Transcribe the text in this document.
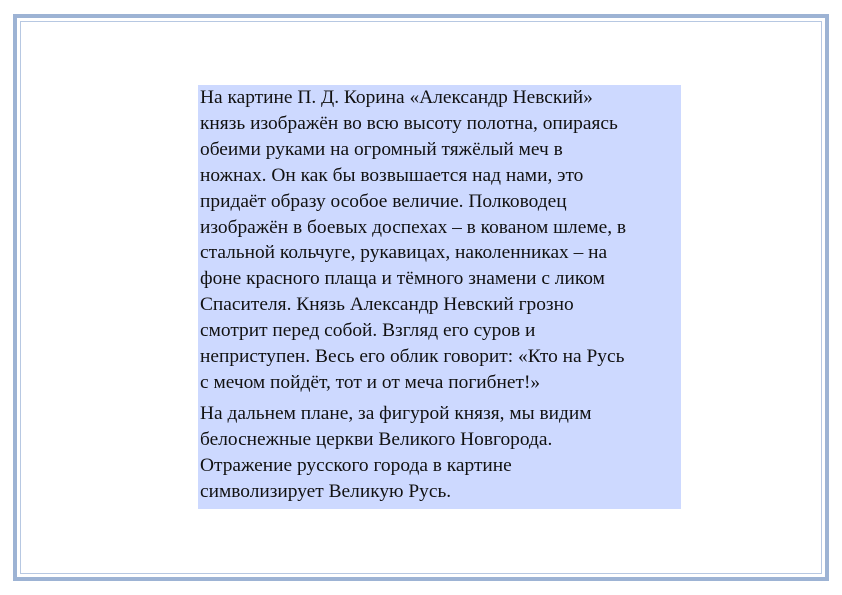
На картине П. Д. Корина «Александр Невский»
князь изображён во всю высоту полотна, опираясь
обеими руками на огромный тяжёлый меч в
ножнах. Он как бы возвышается над нами, это
придаёт образу особое величие. Полководец
изображён в боевых доспехах – в кованом шлеме, в
стальной кольчуге, рукавицах, наколенниках – на
фоне красного плаща и тёмного знамени с ликом
Спасителя. Князь Александр Невский грозно
смотрит перед собой. Взгляд его суров и
неприступен. Весь его облик говорит: «Кто на Русь
с мечом пойдёт, тот и от меча погибнет!»

На дальнем плане, за фигурой князя, мы видим
белоснежные церкви Великого Новгорода.
Отражение русского города в картине
символизирует Великую Русь.
